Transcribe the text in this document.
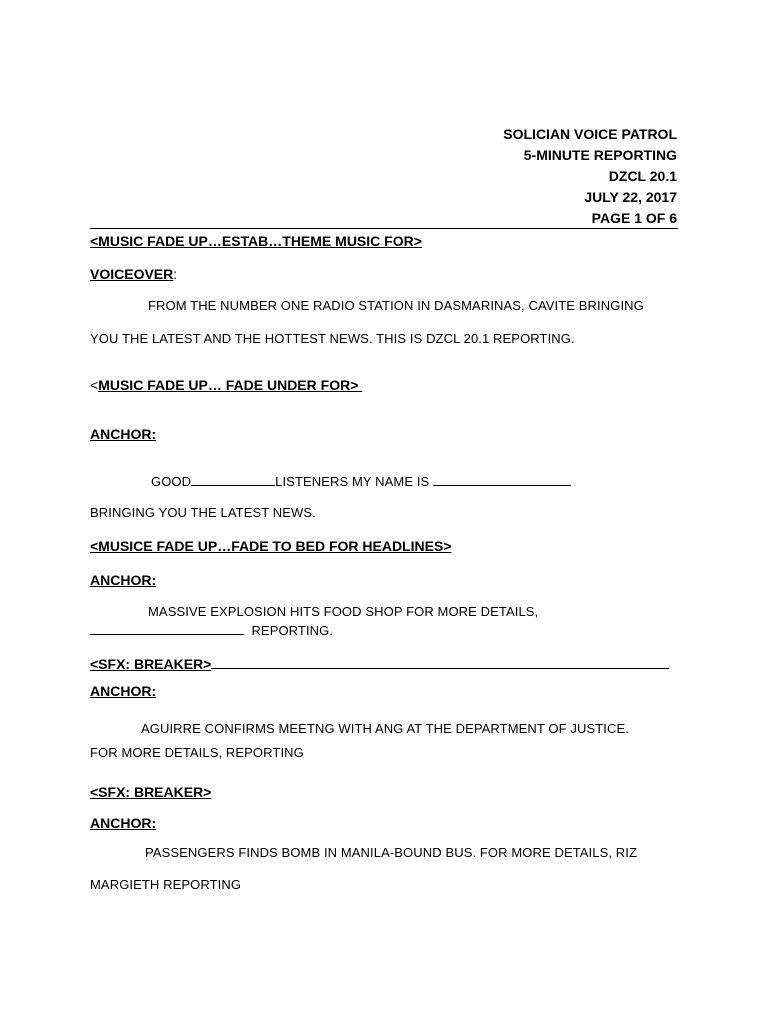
SOLICIAN VOICE PATROL
5-MINUTE REPORTING
DZCL 20.1
JULY 22, 2017
PAGE 1 OF 6
<MUSIC FADE UP…ESTAB…THEME MUSIC FOR>
VOICEOVER:
FROM THE NUMBER ONE RADIO STATION IN DASMARINAS, CAVITE BRINGING
YOU THE LATEST AND THE HOTTEST NEWS. THIS IS DZCL 20.1 REPORTING.
<MUSIC FADE UP… FADE UNDER FOR>
ANCHOR:
GOOD	LISTENERS MY NAME IS
BRINGING YOU THE LATEST NEWS.
<MUSICE FADE UP…FADE TO BED FOR HEADLINES>
ANCHOR:
MASSIVE EXPLOSION HITS FOOD SHOP FOR MORE DETAILS,
REPORTING.
<SFX: BREAKER>
ANCHOR:
AGUIRRE CONFIRMS MEETNG WITH ANG AT THE DEPARTMENT OF JUSTICE.
FOR MORE DETAILS, REPORTING
<SFX: BREAKER>
ANCHOR:
PASSENGERS FINDS BOMB IN MANILA-BOUND BUS. FOR MORE DETAILS, RIZ
MARGIETH REPORTING
